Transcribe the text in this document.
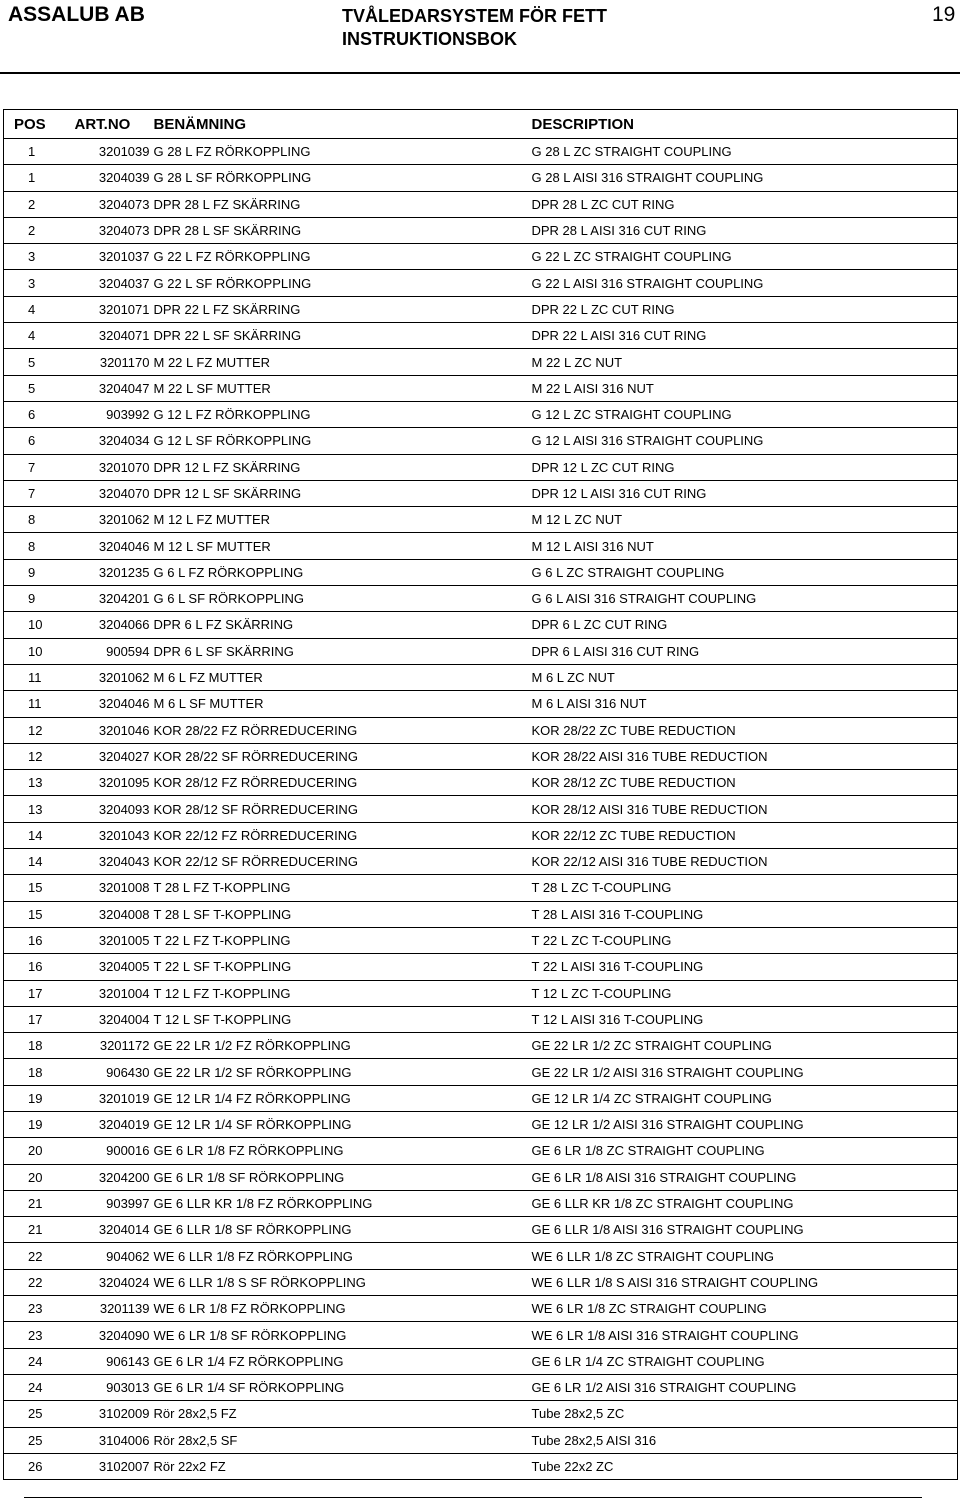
ASSALUB AB	TVÅLEDARSYSTEM FÖR FETT
INSTRUKTIONSBOK
19
POS	ART.NO	BENÄMNING	DESCRIPTION
1	3201039	G 28 L FZ RÖRKOPPLING	G 28 L ZC STRAIGHT COUPLING
1	3204039	G 28 L SF RÖRKOPPLING	G 28 L AISI 316 STRAIGHT COUPLING
2	3204073	DPR 28 L FZ SKÄRRING	DPR 28 L ZC CUT RING
2	3204073	DPR 28 L SF SKÄRRING	DPR 28 L AISI 316 CUT RING
3	3201037	G 22 L FZ RÖRKOPPLING	G 22 L ZC STRAIGHT COUPLING
3	3204037	G 22 L SF RÖRKOPPLING	G 22 L AISI 316 STRAIGHT COUPLING
4	3201071	DPR 22 L FZ SKÄRRING	DPR 22 L ZC CUT RING
4	3204071	DPR 22 L SF SKÄRRING	DPR 22 L AISI 316 CUT RING
5	3201170	M 22 L FZ MUTTER	M 22 L ZC NUT
5	3204047	M 22 L SF MUTTER	M 22 L AISI 316 NUT
6	903992	G 12 L FZ RÖRKOPPLING	G 12 L ZC STRAIGHT COUPLING
6	3204034	G 12 L SF RÖRKOPPLING	G 12 L AISI 316 STRAIGHT COUPLING
7	3201070	DPR 12 L FZ SKÄRRING	DPR 12 L ZC CUT RING
7	3204070	DPR 12 L SF SKÄRRING	DPR 12 L AISI 316 CUT RING
8	3201062	M 12 L FZ MUTTER	M 12 L ZC NUT
8	3204046	M 12 L SF MUTTER	M 12 L AISI 316 NUT
9	3201235	G 6 L FZ RÖRKOPPLING	G 6 L ZC STRAIGHT COUPLING
9	3204201	G 6 L SF RÖRKOPPLING	G 6 L AISI 316 STRAIGHT COUPLING
10	3204066	DPR 6 L FZ SKÄRRING	DPR 6 L ZC CUT RING
10	900594	DPR 6 L SF SKÄRRING	DPR 6 L AISI 316 CUT RING
11	3201062	M 6 L FZ MUTTER	M 6 L ZC NUT
11	3204046	M 6 L SF MUTTER	M 6 L AISI 316 NUT
12	3201046	KOR 28/22 FZ RÖRREDUCERING	KOR 28/22 ZC TUBE REDUCTION
12	3204027	KOR 28/22 SF RÖRREDUCERING	KOR 28/22 AISI 316 TUBE REDUCTION
13	3201095	KOR 28/12 FZ RÖRREDUCERING	KOR 28/12 ZC TUBE REDUCTION
13	3204093	KOR 28/12 SF RÖRREDUCERING	KOR 28/12 AISI 316 TUBE REDUCTION
14	3201043	KOR 22/12 FZ RÖRREDUCERING	KOR 22/12 ZC TUBE REDUCTION
14	3204043	KOR 22/12 SF RÖRREDUCERING	KOR 22/12 AISI 316 TUBE REDUCTION
15	3201008	T 28 L FZ T-KOPPLING	T 28 L ZC T-COUPLING
15	3204008	T 28 L SF T-KOPPLING	T 28 L AISI 316 T-COUPLING
16	3201005	T 22 L FZ T-KOPPLING	T 22 L ZC T-COUPLING
16	3204005	T 22 L SF T-KOPPLING	T 22 L AISI 316 T-COUPLING
17	3201004	T 12 L FZ T-KOPPLING	T 12 L ZC T-COUPLING
17	3204004	T 12 L SF T-KOPPLING	T 12 L AISI 316 T-COUPLING
18	3201172	GE 22 LR 1/2 FZ RÖRKOPPLING	GE 22 LR 1/2 ZC STRAIGHT COUPLING
18	906430	GE 22 LR 1/2 SF RÖRKOPPLING	GE 22 LR 1/2 AISI 316 STRAIGHT COUPLING
19	3201019	GE 12 LR 1/4 FZ RÖRKOPPLING	GE 12 LR 1/4 ZC STRAIGHT COUPLING
19	3204019	GE 12 LR 1/4 SF RÖRKOPPLING	GE 12 LR 1/2 AISI 316 STRAIGHT COUPLING
20	900016	GE 6 LR 1/8 FZ RÖRKOPPLING	GE 6 LR 1/8 ZC STRAIGHT COUPLING
20	3204200	GE 6 LR 1/8 SF RÖRKOPPLING	GE 6 LR 1/8 AISI 316 STRAIGHT COUPLING
21	903997	GE 6 LLR KR 1/8 FZ RÖRKOPPLING	GE 6 LLR KR 1/8 ZC STRAIGHT COUPLING
21	3204014	GE 6 LLR 1/8 SF RÖRKOPPLING	GE 6 LLR 1/8 AISI 316 STRAIGHT COUPLING
22	904062	WE 6 LLR 1/8 FZ RÖRKOPPLING	WE 6 LLR 1/8 ZC STRAIGHT COUPLING
22	3204024	WE 6 LLR 1/8 S SF RÖRKOPPLING	WE 6 LLR 1/8 S AISI 316 STRAIGHT COUPLING
23	3201139	WE 6 LR 1/8 FZ RÖRKOPPLING	WE 6 LR 1/8 ZC STRAIGHT COUPLING
23	3204090	WE 6 LR 1/8 SF RÖRKOPPLING	WE 6 LR 1/8 AISI 316 STRAIGHT COUPLING
24	906143	GE 6 LR 1/4 FZ RÖRKOPPLING	GE 6 LR 1/4 ZC STRAIGHT COUPLING
24	903013	GE 6 LR 1/4 SF RÖRKOPPLING	GE 6 LR 1/2 AISI 316 STRAIGHT COUPLING
25	3102009	Rör 28x2,5 FZ	Tube 28x2,5 ZC
25	3104006	Rör 28x2,5 SF	Tube 28x2,5 AISI 316
26	3102007	Rör 22x2 FZ	Tube 22x2 ZC
